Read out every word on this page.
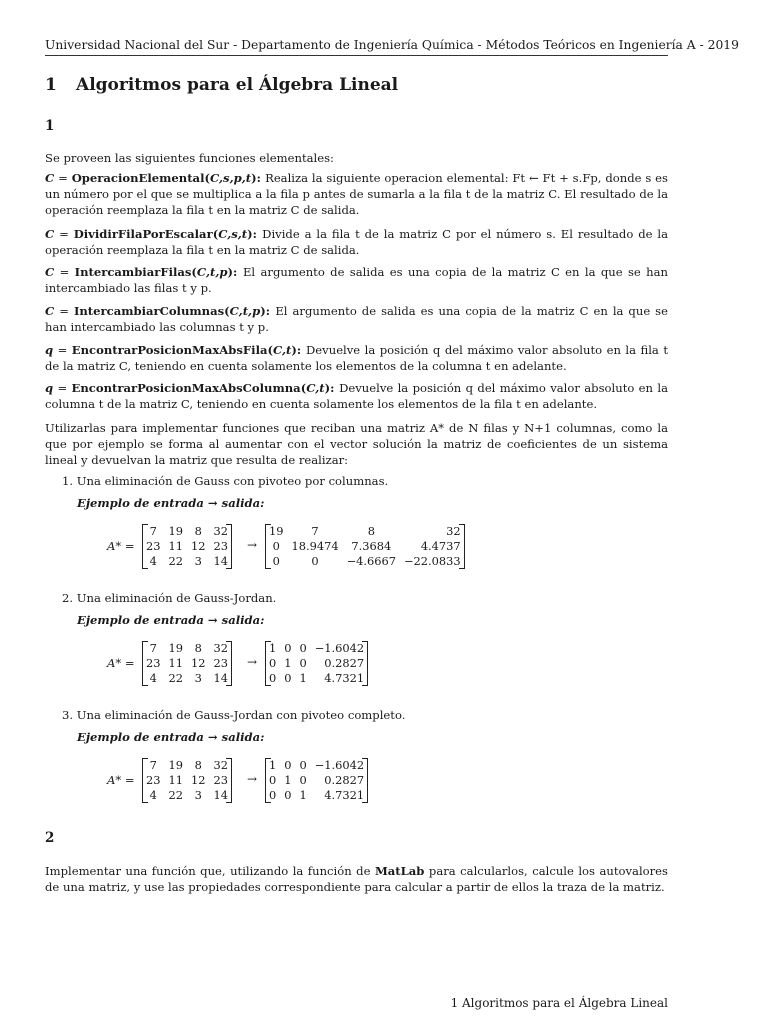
Universidad Nacional del Sur - Departamento de Ingeniería Química - Métodos Teóricos en Ingeniería A - 2019
1 Algoritmos para el Álgebra Lineal
1
Se proveen las siguientes funciones elementales:
C = OperacionElemental(C,s,p,t): Realiza la siguiente operacion elemental: Ft ← Ft + s.Fp, donde s es un número por el que se multiplica a la fila p antes de sumarla a la fila t de la matriz C. El resultado de la operación reemplaza la fila t en la matriz C de salida.
C = DividirFilaPorEscalar(C,s,t): Divide a la fila t de la matriz C por el número s. El resultado de la operación reemplaza la fila t en la matriz C de salida.
C = IntercambiarFilas(C,t,p): El argumento de salida es una copia de la matriz C en la que se han intercambiado las filas t y p.
C = IntercambiarColumnas(C,t,p): El argumento de salida es una copia de la matriz C en la que se han intercambiado las columnas t y p.
q = EncontrarPosicionMaxAbsFila(C,t): Devuelve la posición q del máximo valor absoluto en la fila t de la matriz C, teniendo en cuenta solamente los elementos de la columna t en adelante.
q = EncontrarPosicionMaxAbsColumna(C,t): Devuelve la posición q del máximo valor absoluto en la columna t de la matriz C, teniendo en cuenta solamente los elementos de la fila t en adelante.
Utilizarlas para implementar funciones que reciban una matriz A* de N filas y N+1 columnas, como la que por ejemplo se forma al aumentar con el vector solución la matriz de coeficientes de un sistema lineal y devuelvan la matriz que resulta de realizar:
1. Una eliminación de Gauss con pivoteo por columnas.
Ejemplo de entrada → salida:
A* =
7	19	8	32
23	11	12	23
4	22	3	14
→
19	7	8	32
0	18.9474	7.3684	4.4737
0	0	−4.6667	−22.0833
2. Una eliminación de Gauss-Jordan.
Ejemplo de entrada → salida:
A* =
7	19	8	32
23	11	12	23
4	22	3	14
→
1	0	0	−1.6042
0	1	0	0.2827
0	0	1	4.7321
3. Una eliminación de Gauss-Jordan con pivoteo completo.
Ejemplo de entrada → salida:
A* =
7	19	8	32
23	11	12	23
4	22	3	14
→
1	0	0	−1.6042
0	1	0	0.2827
0	0	1	4.7321
2
Implementar una función que, utilizando la función de MatLab para calcularlos, calcule los autovalores de una matriz, y use las propiedades correspondiente para calcular a partir de ellos la traza de la matriz.
1 Algoritmos para el Álgebra Lineal
